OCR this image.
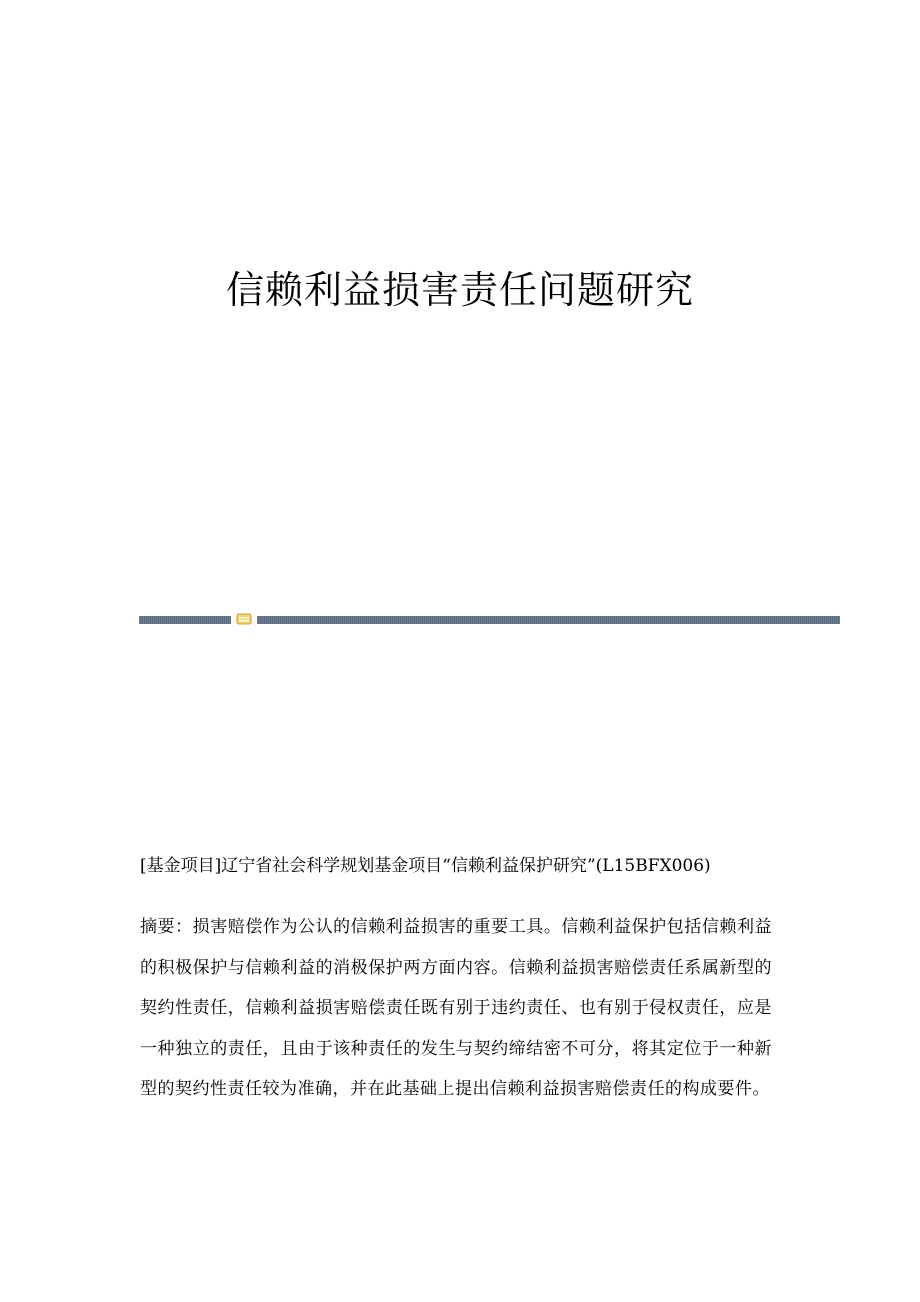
信赖利益损害责任问题研究

[基金项目]辽宁省社会科学规划基金项目“信赖利益保护研究”(L15BFX006)

摘要：损害赔偿作为公认的信赖利益损害的重要工具。信赖利益保护包括信赖利益的积极保护与信赖利益的消极保护两方面内容。信赖利益损害赔偿责任系属新型的契约性责任，信赖利益损害赔偿责任既有别于违约责任、也有别于侵权责任，应是一种独立的责任，且由于该种责任的发生与契约缔结密不可分，将其定位于一种新型的契约性责任较为准确，并在此基础上提出信赖利益损害赔偿责任的构成要件。
